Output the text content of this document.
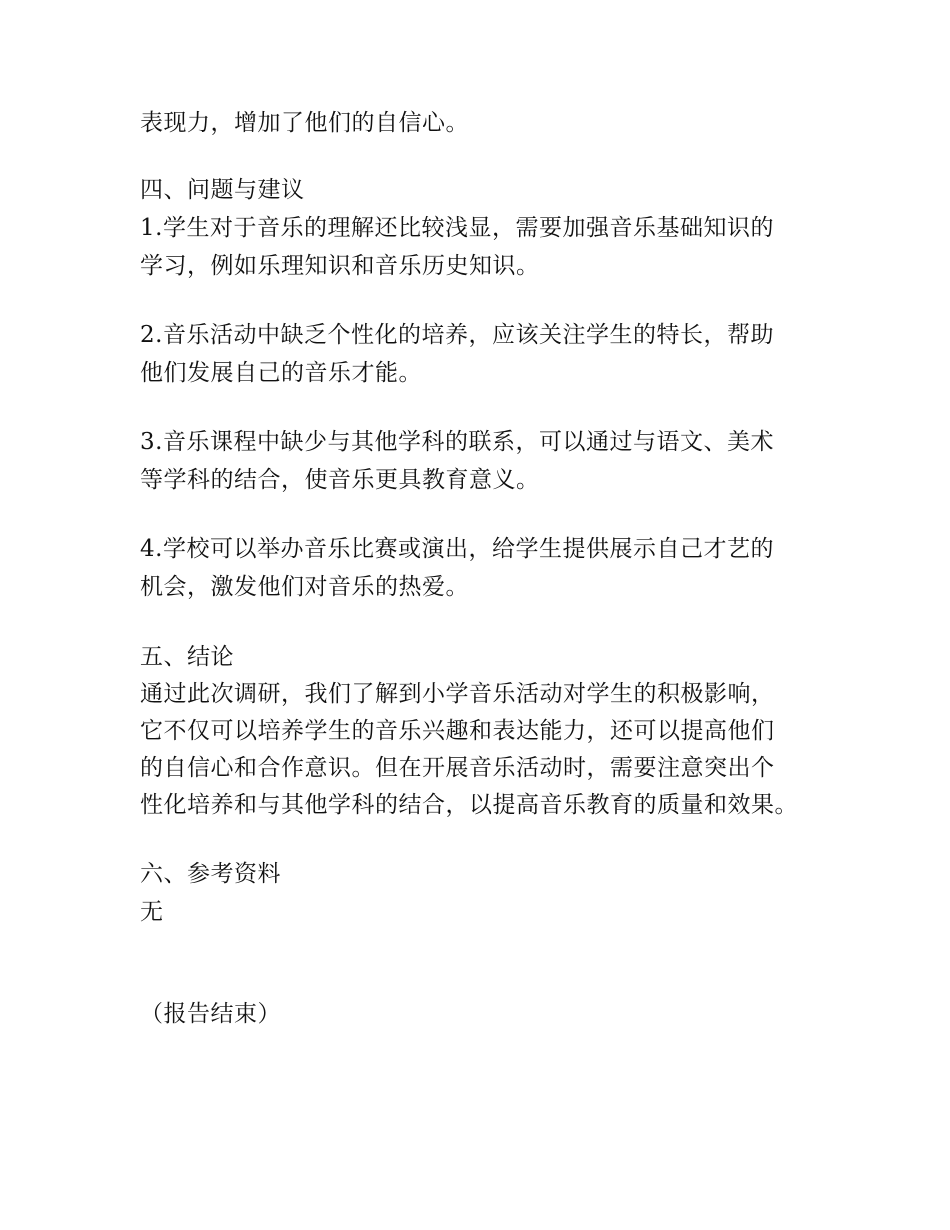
表现力，增加了他们的自信心。
四、问题与建议
1.学生对于音乐的理解还比较浅显，需要加强音乐基础知识的
学习，例如乐理知识和音乐历史知识。
2.音乐活动中缺乏个性化的培养，应该关注学生的特长，帮助
他们发展自己的音乐才能。
3.音乐课程中缺少与其他学科的联系，可以通过与语文、美术
等学科的结合，使音乐更具教育意义。
4.学校可以举办音乐比赛或演出，给学生提供展示自己才艺的
机会，激发他们对音乐的热爱。
五、结论
通过此次调研，我们了解到小学音乐活动对学生的积极影响，
它不仅可以培养学生的音乐兴趣和表达能力，还可以提高他们
的自信心和合作意识。但在开展音乐活动时，需要注意突出个
性化培养和与其他学科的结合，以提高音乐教育的质量和效果。
六、参考资料
无
（报告结束）
